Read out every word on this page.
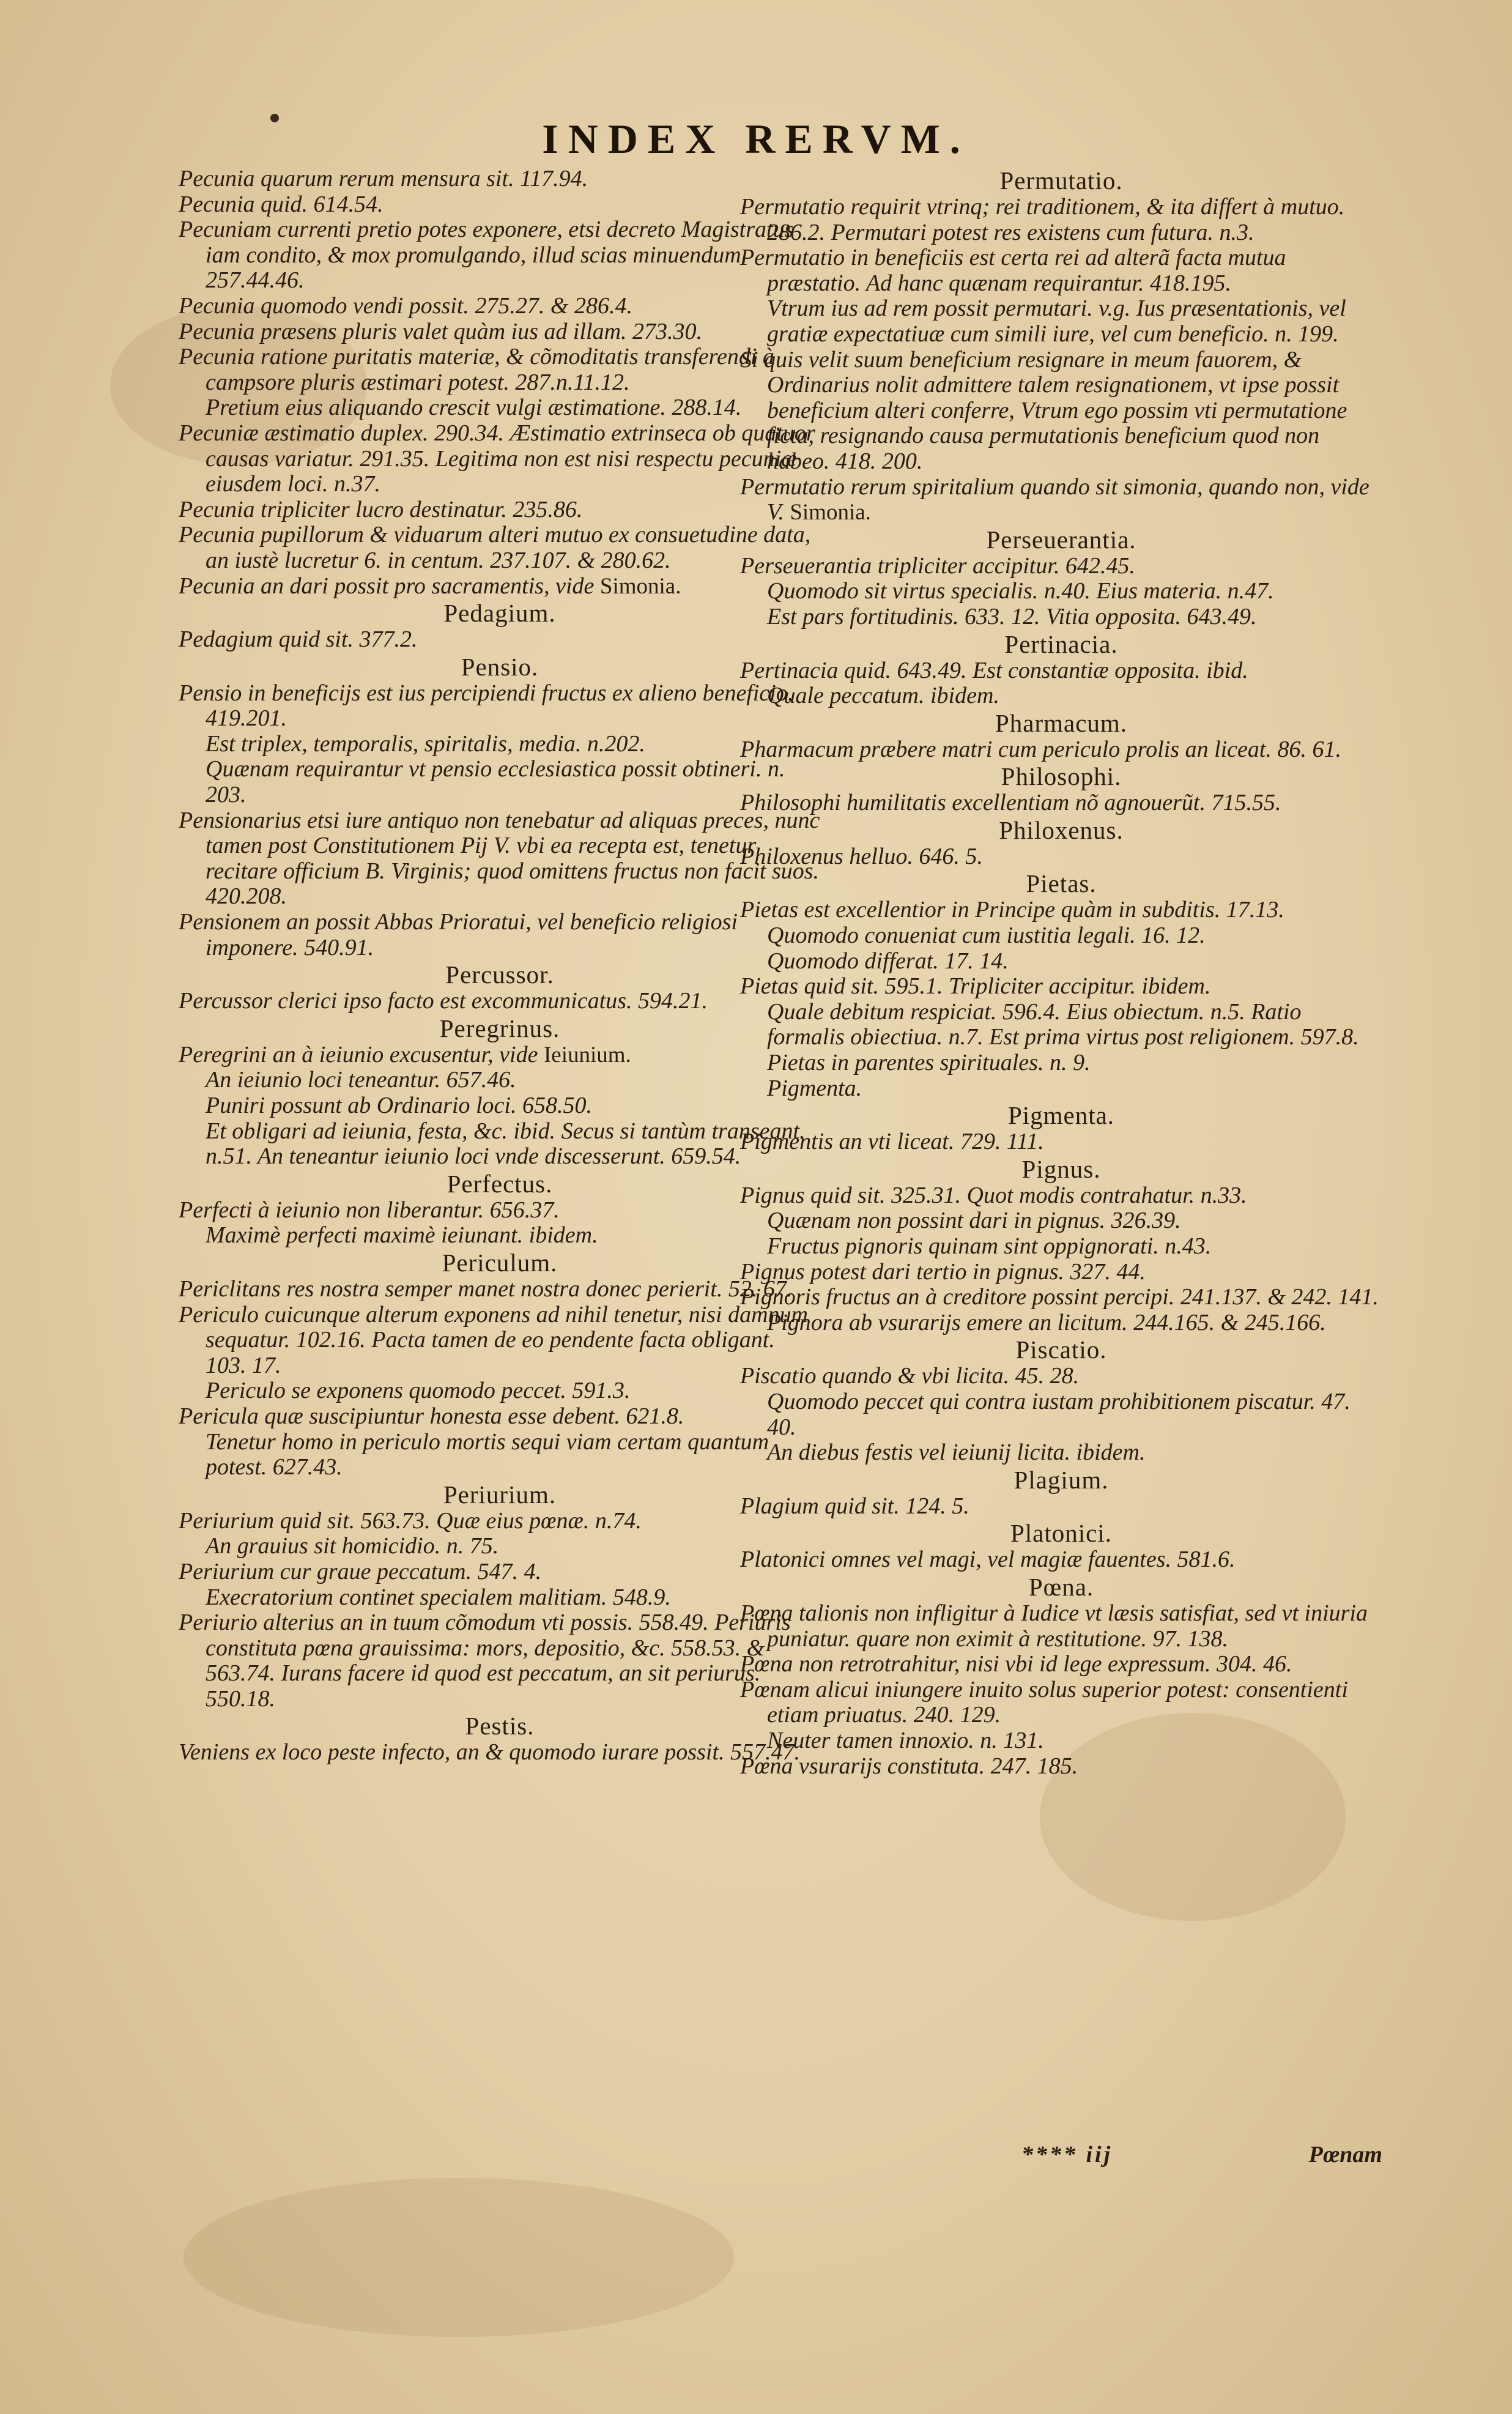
INDEX RERVM.
Pecunia quarum rerum mensura sit. 117.94.
Pecunia quid. 614.54.
Pecuniam currenti pretio potes exponere, etsi decreto Magistratus iam condito, & mox promulgando, illud scias minuendum. 257.44.46.
Pecunia quomodo vendi possit. 275.27. & 286.4.
Pecunia præsens pluris valet quàm ius ad illam. 273.30.
Pecunia ratione puritatis materiæ, & cõmoditatis transferendi à campsore pluris æstimari potest. 287.n.11.12.
Pretium eius aliquando crescit vulgi æstimatione. 288.14.
Pecuniæ æstimatio duplex. 290.34. Æstimatio extrinseca ob quatuor causas variatur. 291.35. Legitima non est nisi respectu pecuniæ eiusdem loci. n.37.
Pecunia tripliciter lucro destinatur. 235.86.
Pecunia pupillorum & viduarum alteri mutuo ex consuetudine data, an iustè lucretur 6. in centum. 237.107. & 280.62.
Pecunia an dari possit pro sacramentis, vide Simonia.
Pedagium.
Pedagium quid sit. 377.2.
Pensio.
Pensio in beneficijs est ius percipiendi fructus ex alieno beneficio. 419.201.
Est triplex, temporalis, spiritalis, media. n.202.
Quænam requirantur vt pensio ecclesiastica possit obtineri. n. 203.
Pensionarius etsi iure antiquo non tenebatur ad aliquas preces, nunc tamen post Constitutionem Pij V. vbi ea recepta est, tenetur recitare officium B. Virginis; quod omittens fructus non facit suos. 420.208.
Pensionem an possit Abbas Prioratui, vel beneficio religiosi imponere. 540.91.
Percussor.
Percussor clerici ipso facto est excommunicatus. 594.21.
Peregrinus.
Peregrini an à ieiunio excusentur, vide Ieiunium.
An ieiunio loci teneantur. 657.46.
Puniri possunt ab Ordinario loci. 658.50.
Et obligari ad ieiunia, festa, &c. ibid. Secus si tantùm transeant. n.51. An teneantur ieiunio loci vnde discesserunt. 659.54.
Perfectus.
Perfecti à ieiunio non liberantur. 656.37.
Maximè perfecti maximè ieiunant. ibidem.
Periculum.
Periclitans res nostra semper manet nostra donec perierit. 52. 67.
Periculo cuicunque alterum exponens ad nihil tenetur, nisi damnum sequatur. 102.16. Pacta tamen de eo pendente facta obligant. 103. 17.
Periculo se exponens quomodo peccet. 591.3.
Pericula quæ suscipiuntur honesta esse debent. 621.8.
Tenetur homo in periculo mortis sequi viam certam quantum potest. 627.43.
Periurium.
Periurium quid sit. 563.73. Quæ eius pœnæ. n.74.
An grauius sit homicidio. n. 75.
Periurium cur graue peccatum. 547. 4.
Execratorium continet specialem malitiam. 548.9.
Periurio alterius an in tuum cõmodum vti possis. 558.49. Periuris constituta pœna grauissima: mors, depositio, &c. 558.53. & 563.74. Iurans facere id quod est peccatum, an sit periurus. 550.18.
Pestis.
Veniens ex loco peste infecto, an & quomodo iurare possit. 557.47.
Permutatio.
Permutatio requirit vtrinq; rei traditionem, & ita differt à mutuo. 286.2. Permutari potest res existens cum futura. n.3.
Permutatio in beneficiis est certa rei ad alterã facta mutua præstatio. Ad hanc quænam requirantur. 418.195.
Vtrum ius ad rem possit permutari. v.g. Ius præsentationis, vel gratiæ expectatiuæ cum simili iure, vel cum beneficio. n. 199.
Si quis velit suum beneficium resignare in meum fauorem, & Ordinarius nolit admittere talem resignationem, vt ipse possit beneficium alteri conferre, Vtrum ego possim vti permutatione ficta, resignando causa permutationis beneficium quod non habeo. 418. 200.
Permutatio rerum spiritalium quando sit simonia, quando non, vide V. Simonia.
Perseuerantia.
Perseuerantia tripliciter accipitur. 642.45.
Quomodo sit virtus specialis. n.40. Eius materia. n.47.
Est pars fortitudinis. 633. 12. Vitia opposita. 643.49.
Pertinacia.
Pertinacia quid. 643.49. Est constantiæ opposita. ibid.
Quale peccatum. ibidem.
Pharmacum.
Pharmacum præbere matri cum periculo prolis an liceat. 86. 61.
Philosophi.
Philosophi humilitatis excellentiam nõ agnouerũt. 715.55.
Philoxenus.
Philoxenus helluo. 646. 5.
Pietas.
Pietas est excellentior in Principe quàm in subditis. 17.13.
Quomodo conueniat cum iustitia legali. 16. 12.
Quomodo differat. 17. 14.
Pietas quid sit. 595.1. Tripliciter accipitur. ibidem.
Quale debitum respiciat. 596.4. Eius obiectum. n.5. Ratio formalis obiectiua. n.7. Est prima virtus post religionem. 597.8. Pietas in parentes spirituales. n. 9.
Pigmenta.
Pigmenta.
Pigmentis an vti liceat. 729. 111.
Pignus.
Pignus quid sit. 325.31. Quot modis contrahatur. n.33.
Quænam non possint dari in pignus. 326.39.
Fructus pignoris quinam sint oppignorati. n.43.
Pignus potest dari tertio in pignus. 327. 44.
Pignoris fructus an à creditore possint percipi. 241.137. & 242. 141. Pignora ab vsurarijs emere an licitum. 244.165. & 245.166.
Piscatio.
Piscatio quando & vbi licita. 45. 28.
Quomodo peccet qui contra iustam prohibitionem piscatur. 47. 40.
An diebus festis vel ieiunij licita. ibidem.
Plagium.
Plagium quid sit. 124. 5.
Platonici.
Platonici omnes vel magi, vel magiæ fauentes. 581.6.
Pœna.
Pœna talionis non infligitur à Iudice vt læsis satisfiat, sed vt iniuria puniatur. quare non eximit à restitutione. 97. 138.
Pœna non retrotrahitur, nisi vbi id lege expressum. 304. 46.
Pœnam alicui iniungere inuito solus superior potest: consentienti etiam priuatus. 240. 129.
Neuter tamen innoxio. n. 131.
Pœna vsurarijs constituta. 247. 185.
**** iij	Pœnam
